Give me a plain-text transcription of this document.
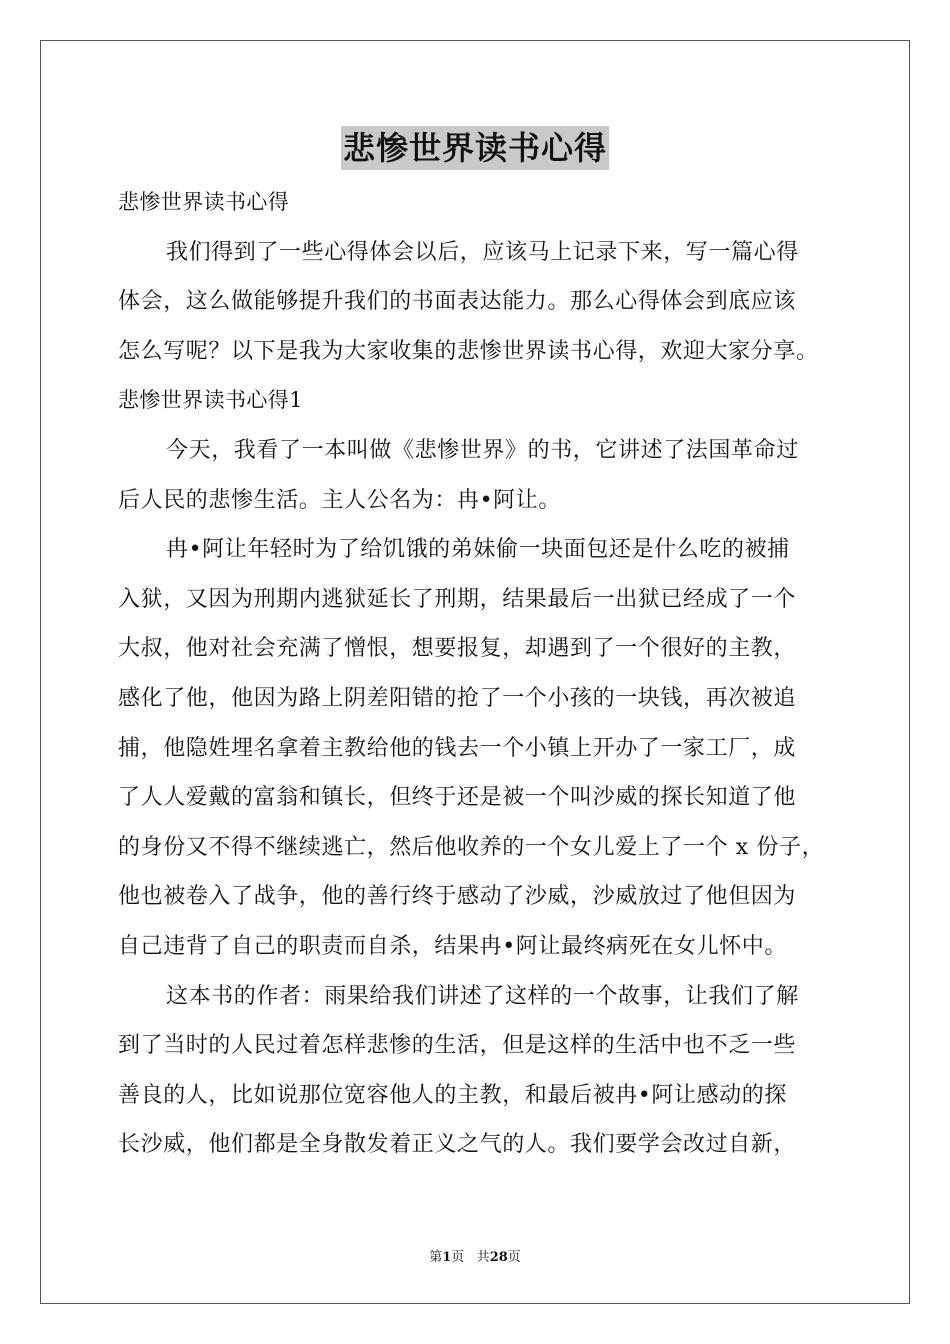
悲惨世界读书心得
悲惨世界读书心得
我们得到了一些心得体会以后，应该马上记录下来，写一篇心得
体会，这么做能够提升我们的书面表达能力。那么心得体会到底应该
怎么写呢？以下是我为大家收集的悲惨世界读书心得，欢迎大家分享。
悲惨世界读书心得1
今天，我看了一本叫做《悲惨世界》的书，它讲述了法国革命过
后人民的悲惨生活。主人公名为：冉•阿让。
冉•阿让年轻时为了给饥饿的弟妹偷一块面包还是什么吃的被捕
入狱，又因为刑期内逃狱延长了刑期，结果最后一出狱已经成了一个
大叔，他对社会充满了憎恨，想要报复，却遇到了一个很好的主教，
感化了他，他因为路上阴差阳错的抢了一个小孩的一块钱，再次被追
捕，他隐姓埋名拿着主教给他的钱去一个小镇上开办了一家工厂，成
了人人爱戴的富翁和镇长，但终于还是被一个叫沙威的探长知道了他
的身份又不得不继续逃亡，然后他收养的一个女儿爱上了一个 x 份子，
他也被卷入了战争，他的善行终于感动了沙威，沙威放过了他但因为
自己违背了自己的职责而自杀，结果冉•阿让最终病死在女儿怀中。
这本书的作者：雨果给我们讲述了这样的一个故事，让我们了解
到了当时的人民过着怎样悲惨的生活，但是这样的生活中也不乏一些
善良的人，比如说那位宽容他人的主教，和最后被冉•阿让感动的探
长沙威，他们都是全身散发着正义之气的人。我们要学会改过自新，
第1页 共28页
